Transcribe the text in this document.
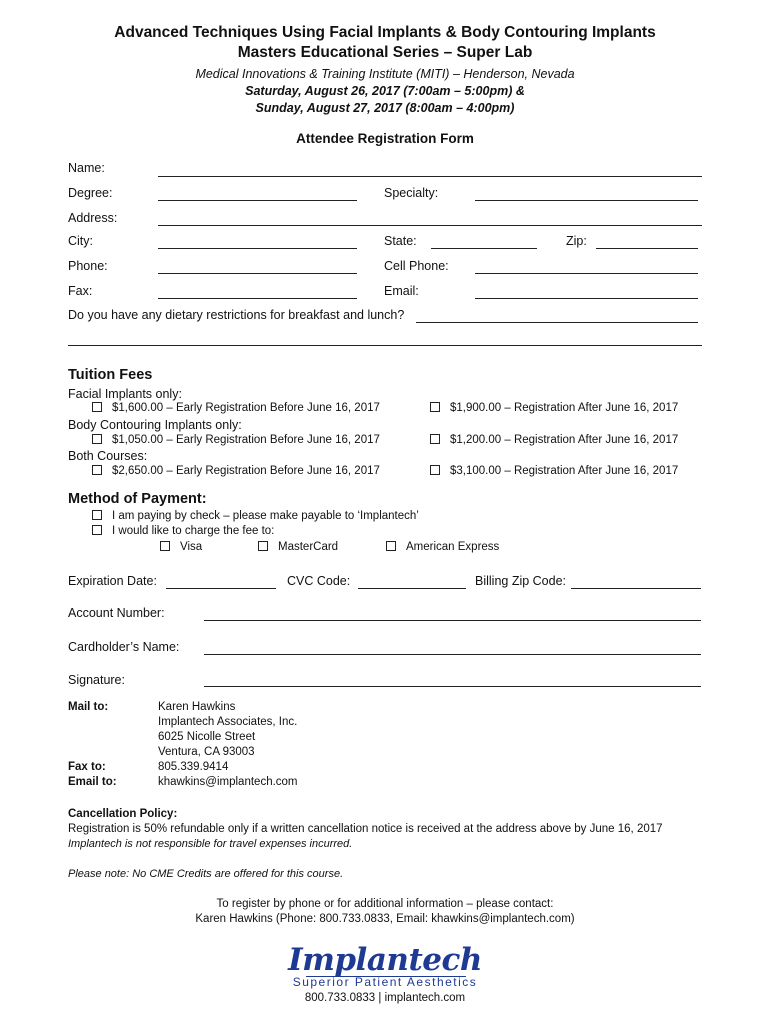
Advanced Techniques Using Facial Implants & Body Contouring Implants
Masters Educational Series – Super Lab
Medical Innovations & Training Institute (MITI) – Henderson, Nevada
Saturday, August 26, 2017 (7:00am – 5:00pm) &
Sunday, August 27, 2017 (8:00am – 4:00pm)
Attendee Registration Form
Name:
Degree:	Specialty:
Address:
City:	State:	Zip:
Phone:	Cell Phone:
Fax:	Email:
Do you have any dietary restrictions for breakfast and lunch?
Tuition Fees
Facial Implants only:
$1,600.00 – Early Registration Before June 16, 2017	$1,900.00 – Registration After June 16, 2017
Body Contouring Implants only:
$1,050.00 – Early Registration Before June 16, 2017	$1,200.00 – Registration After June 16, 2017
Both Courses:
$2,650.00 – Early Registration Before June 16, 2017	$3,100.00 – Registration After June 16, 2017
Method of Payment:
I am paying by check – please make payable to ‘Implantech’
I would like to charge the fee to:
Visa	MasterCard	American Express
Expiration Date:	CVC Code:	Billing Zip Code:
Account Number:
Cardholder’s Name:
Signature:
Mail to:	Karen Hawkins
Implantech Associates, Inc.
6025 Nicolle Street
Ventura, CA 93003
Fax to:	805.339.9414
Email to:	khawkins@implantech.com
Cancellation Policy:
Registration is 50% refundable only if a written cancellation notice is received at the address above by June 16, 2017
Implantech is not responsible for travel expenses incurred.
Please note: No CME Credits are offered for this course.
To register by phone or for additional information – please contact:
Karen Hawkins (Phone: 800.733.0833, Email: khawkins@implantech.com)
Implantech
Superior Patient Aesthetics
800.733.0833 | implantech.com
